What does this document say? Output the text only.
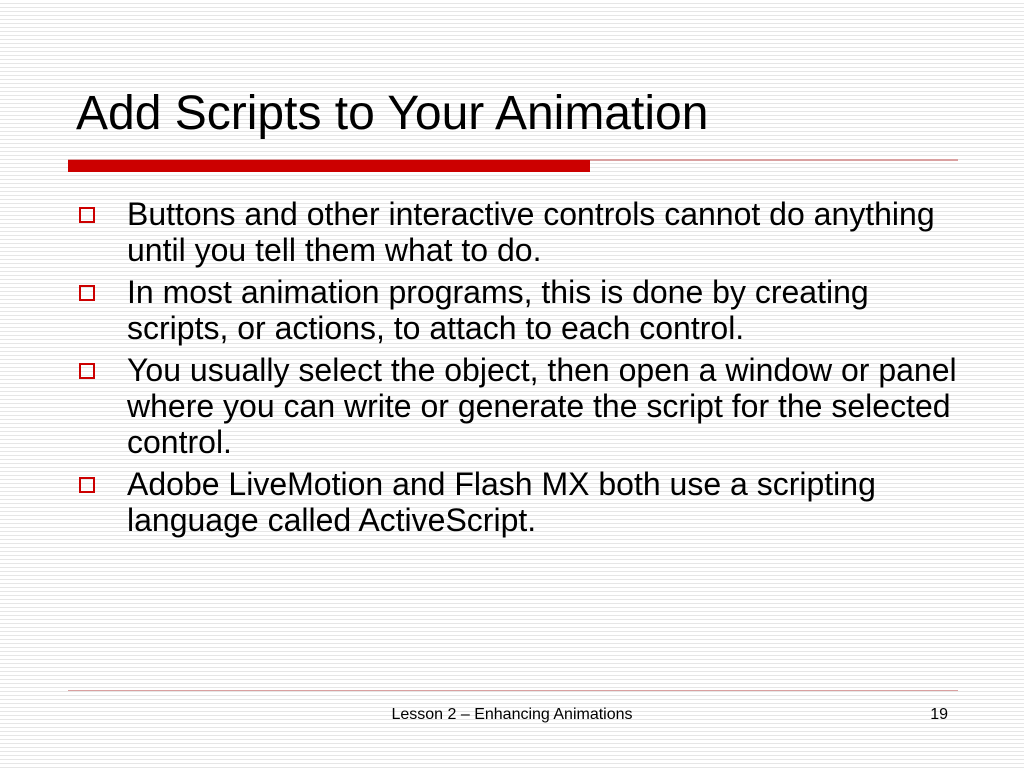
Add Scripts to Your Animation
Buttons and other interactive controls cannot do anything until you tell them what to do.
In most animation programs, this is done by creating scripts, or actions, to attach to each control.
You usually select the object, then open a window or panel where you can write or generate the script for the selected control.
Adobe LiveMotion and Flash MX both use a scripting language called ActiveScript.
Lesson 2 – Enhancing Animations	19
